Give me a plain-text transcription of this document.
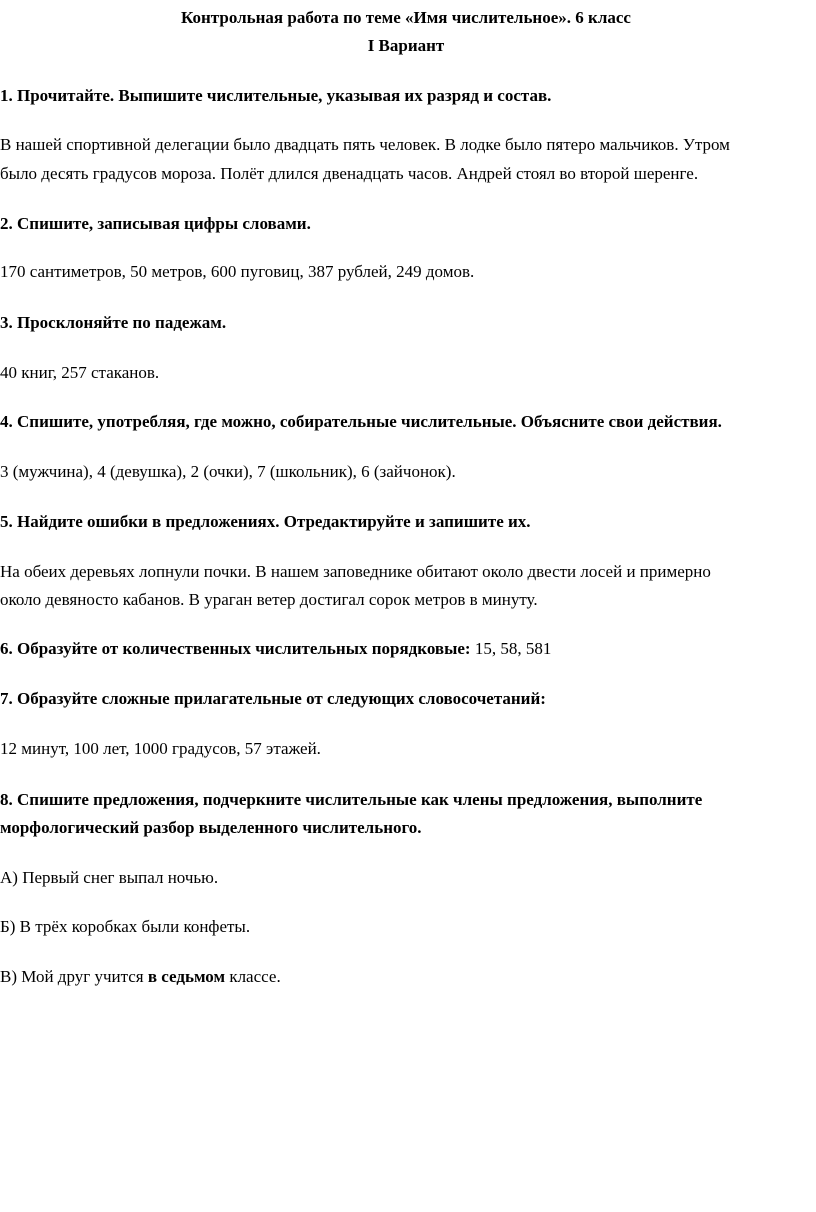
Контрольная работа по теме «Имя числительное». 6 класс

I Вариант

1. Прочитайте. Выпишите числительные, указывая их разряд и состав.

В нашей спортивной делегации было двадцать пять человек. В лодке было пятеро мальчиков. Утром

было десять градусов мороза. Полёт длился двенадцать часов. Андрей стоял во второй шеренге.

2. Спишите, записывая цифры словами.

170 сантиметров, 50 метров, 600 пуговиц, 387 рублей, 249 домов.

3. Просклоняйте по падежам.

40 книг, 257 стаканов.

4. Спишите, употребляя, где можно, собирательные числительные. Объясните свои действия.

3 (мужчина), 4 (девушка), 2 (очки), 7 (школьник), 6 (зайчонок).

5. Найдите ошибки в предложениях. Отредактируйте и запишите их.

На обеих деревьях лопнули почки. В нашем заповеднике обитают около двести лосей и примерно

около девяносто кабанов. В ураган ветер достигал сорок метров в минуту.

6. Образуйте от количественных числительных порядковые: 15, 58, 581

7. Образуйте сложные прилагательные от следующих словосочетаний:

12 минут, 100 лет, 1000 градусов, 57 этажей.

8. Спишите предложения, подчеркните числительные как члены предложения, выполните

морфологический разбор выделенного числительного.

А) Первый снег выпал ночью.

Б) В трёх коробках были конфеты.

В) Мой друг учится в седьмом классе.
